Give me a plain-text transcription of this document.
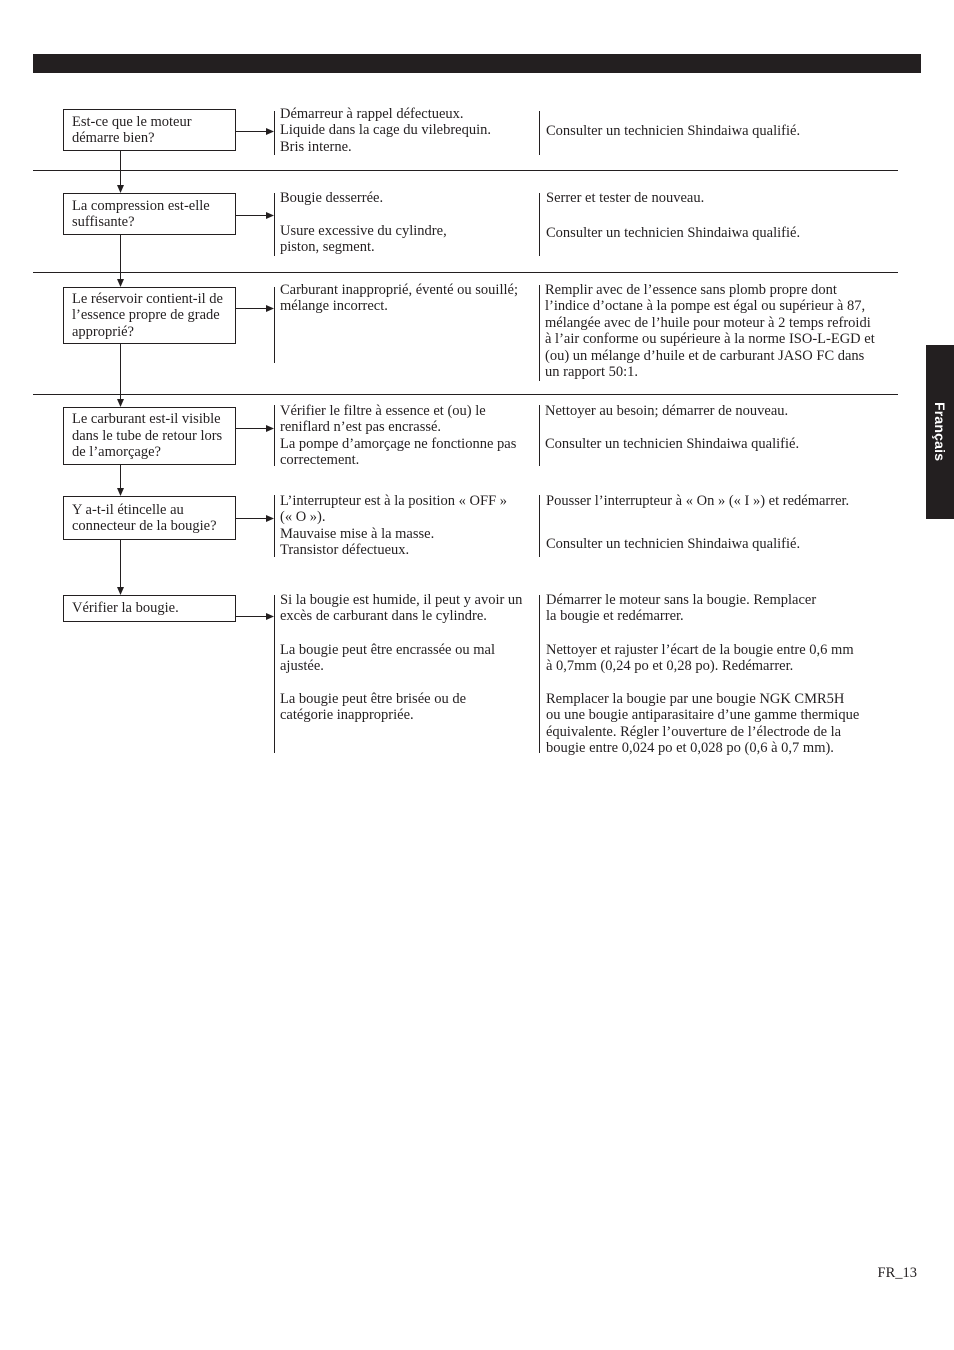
Français
Est-ce que le moteur
démarre bien?
Démarreur à rappel défectueux.
Liquide dans la cage du vilebrequin.
Bris interne.
Consulter un technicien Shindaiwa qualifié.
La compression est-elle
suffisante?
Bougie desserrée.
Usure excessive du cylindre,
piston, segment.
Serrer et tester de nouveau.
Consulter un technicien Shindaiwa qualifié.
Le réservoir contient-il de
l’essence propre de grade
approprié?
Carburant inapproprié, éventé ou souillé;
mélange incorrect.
Remplir avec de l’essence sans plomb propre dont
l’indice d’octane à la pompe est égal ou supérieur à 87,
mélangée avec de l’huile pour moteur à 2 temps refroidi
à l’air conforme ou supérieure à la norme ISO-L-EGD et
(ou) un mélange d’huile et de carburant JASO FC dans
un rapport 50:1.
Le carburant est-il visible
dans le tube de retour lors
de l’amorçage?
Vérifier le filtre à essence et (ou) le
reniflard n’est pas encrassé.
La pompe d’amorçage ne fonctionne pas
correctement.
Nettoyer au besoin; démarrer de nouveau.
Consulter un technicien Shindaiwa qualifié.
Y a-t-il étincelle au
connecteur de la bougie?
L’interrupteur est à la position « OFF »
(« O »).
Mauvaise mise à la masse.
Transistor défectueux.
Pousser l’interrupteur à « On » (« I ») et redémarrer.
Consulter un technicien Shindaiwa qualifié.
Vérifier la bougie.
Si la bougie est humide, il peut y avoir un
excès de carburant dans le cylindre.
La bougie peut être encrassée ou mal
ajustée.
La bougie peut être brisée ou de
catégorie inappropriée.
Démarrer le moteur sans la bougie. Remplacer
la bougie et redémarrer.
Nettoyer et rajuster l’écart de la bougie entre 0,6 mm
à 0,7mm (0,24 po et 0,28 po). Redémarrer.
Remplacer la bougie par une bougie NGK CMR5H
ou une bougie antiparasitaire d’une gamme thermique
équivalente. Régler l’ouverture de l’électrode de la
bougie entre 0,024 po et 0,028 po (0,6 à 0,7 mm).
FR_13
